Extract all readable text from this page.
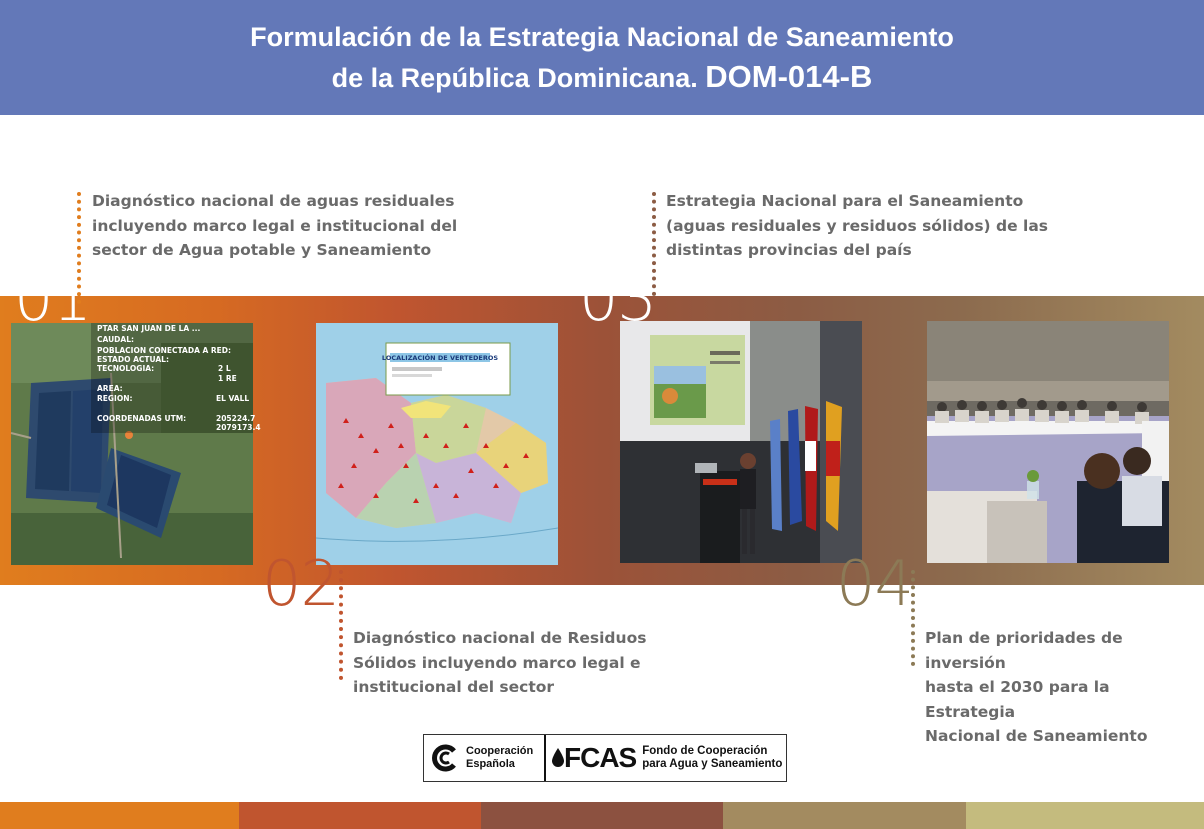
Formulación de la Estrategia Nacional de Saneamiento
de la República Dominicana. DOM-014-B
Diagnóstico nacional de aguas residuales
incluyendo marco legal e institucional del
sector de Agua potable y Saneamiento
PTAR SAN JUAN DE LA ...
CAUDAL:
POBLACION CONECTADA A RED:
ESTADO ACTUAL:
TECNOLOGIA:
AREA:
REGION:
COORDENADAS UTM:
2 L
1 RE
EL VALL
205224.7
2079173.4
01
LOCALIZACIÓN DE VERTEDEROS
02
Diagnóstico nacional de Residuos
Sólidos incluyendo marco legal e
institucional del sector
Estrategia Nacional para el Saneamiento
(aguas residuales y residuos sólidos) de las
distintas provincias del país
03
04
Plan de prioridades de inversión
hasta el 2030 para la Estrategia
Nacional de Saneamiento
Cooperación
Española	FCAS Fondo de Cooperación
para Agua y Saneamiento
